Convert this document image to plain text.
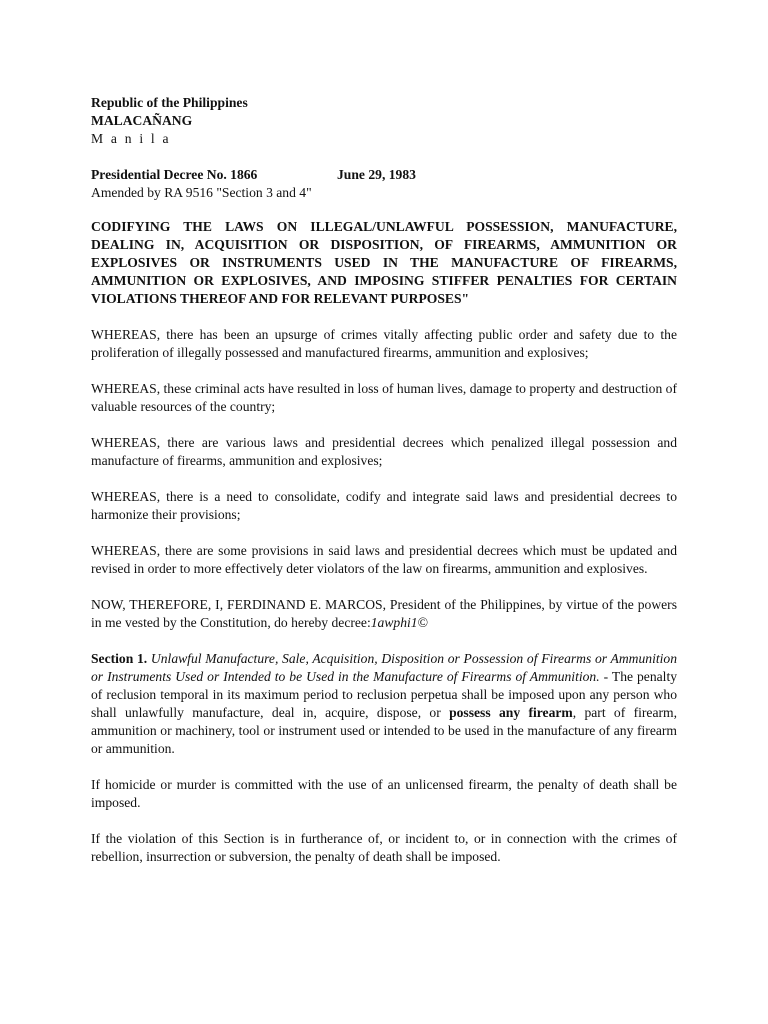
Republic of the Philippines
MALACAÑANG
M a n i l a
Presidential Decree No. 1866	June 29, 1983
Amended by RA 9516 "Section 3 and 4"
CODIFYING THE LAWS ON ILLEGAL/UNLAWFUL POSSESSION, MANUFACTURE, DEALING IN, ACQUISITION OR DISPOSITION, OF FIREARMS, AMMUNITION OR EXPLOSIVES OR INSTRUMENTS USED IN THE MANUFACTURE OF FIREARMS, AMMUNITION OR EXPLOSIVES, AND IMPOSING STIFFER PENALTIES FOR CERTAIN VIOLATIONS THEREOF AND FOR RELEVANT PURPOSES"
WHEREAS, there has been an upsurge of crimes vitally affecting public order and safety due to the proliferation of illegally possessed and manufactured firearms, ammunition and explosives;
WHEREAS, these criminal acts have resulted in loss of human lives, damage to property and destruction of valuable resources of the country;
WHEREAS, there are various laws and presidential decrees which penalized illegal possession and manufacture of firearms, ammunition and explosives;
WHEREAS, there is a need to consolidate, codify and integrate said laws and presidential decrees to harmonize their provisions;
WHEREAS, there are some provisions in said laws and presidential decrees which must be updated and revised in order to more effectively deter violators of the law on firearms, ammunition and explosives.
NOW, THEREFORE, I, FERDINAND E. MARCOS, President of the Philippines, by virtue of the powers in me vested by the Constitution, do hereby decree:1awphi1©
Section 1. Unlawful Manufacture, Sale, Acquisition, Disposition or Possession of Firearms or Ammunition or Instruments Used or Intended to be Used in the Manufacture of Firearms of Ammunition. - The penalty of reclusion temporal in its maximum period to reclusion perpetua shall be imposed upon any person who shall unlawfully manufacture, deal in, acquire, dispose, or possess any firearm, part of firearm, ammunition or machinery, tool or instrument used or intended to be used in the manufacture of any firearm or ammunition.
If homicide or murder is committed with the use of an unlicensed firearm, the penalty of death shall be imposed.
If the violation of this Section is in furtherance of, or incident to, or in connection with the crimes of rebellion, insurrection or subversion, the penalty of death shall be imposed.
